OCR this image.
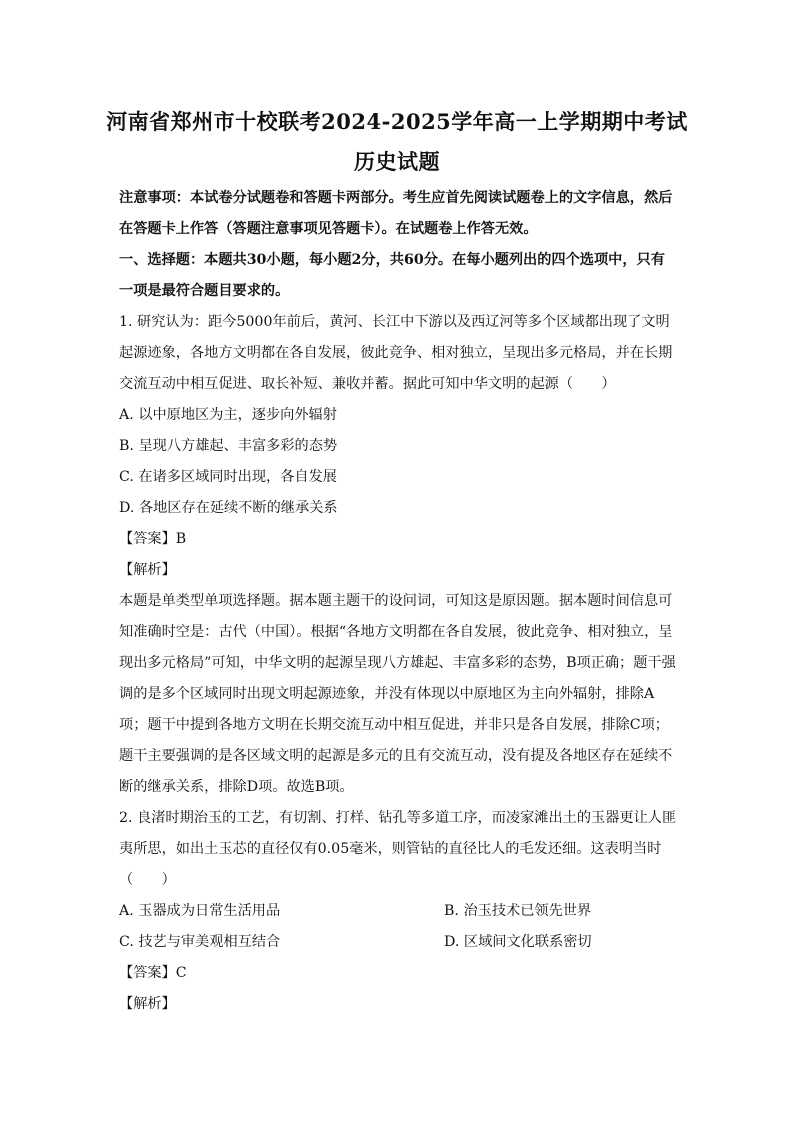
河南省郑州市十校联考2024-2025学年高一上学期期中考试
历史试题

注意事项：本试卷分试题卷和答题卡两部分。考生应首先阅读试题卷上的文字信息，然后在答题卡上作答（答题注意事项见答题卡）。在试题卷上作答无效。

一、选择题：本题共30小题，每小题2分，共60分。在每小题列出的四个选项中，只有一项是最符合题目要求的。

1. 研究认为：距今5000年前后，黄河、长江中下游以及西辽河等多个区域都出现了文明起源迹象，各地方文明都在各自发展，彼此竞争、相对独立，呈现出多元格局，并在长期交流互动中相互促进、取长补短、兼收并蓄。据此可知中华文明的起源（　　）

A. 以中原地区为主，逐步向外辐射

B. 呈现八方雄起、丰富多彩的态势

C. 在诸多区域同时出现，各自发展

D. 各地区存在延续不断的继承关系

【答案】B

【解析】

本题是单类型单项选择题。据本题主题干的设问词，可知这是原因题。据本题时间信息可知准确时空是：古代（中国）。根据“各地方文明都在各自发展，彼此竞争、相对独立，呈现出多元格局”可知，中华文明的起源呈现八方雄起、丰富多彩的态势，B项正确；题干强调的是多个区域同时出现文明起源迹象，并没有体现以中原地区为主向外辐射，排除A项；题干中提到各地方文明在长期交流互动中相互促进，并非只是各自发展，排除C项；题干主要强调的是各区域文明的起源是多元的且有交流互动，没有提及各地区存在延续不断的继承关系，排除D项。故选B项。

2. 良渚时期治玉的工艺，有切割、打样、钻孔等多道工序，而凌家滩出土的玉器更让人匪夷所思，如出土玉芯的直径仅有0.05毫米，则管钻的直径比人的毛发还细。这表明当时（　　）

A. 玉器成为日常生活用品	B. 治玉技术已领先世界
C. 技艺与审美观相互结合	D. 区域间文化联系密切

【答案】C

【解析】
